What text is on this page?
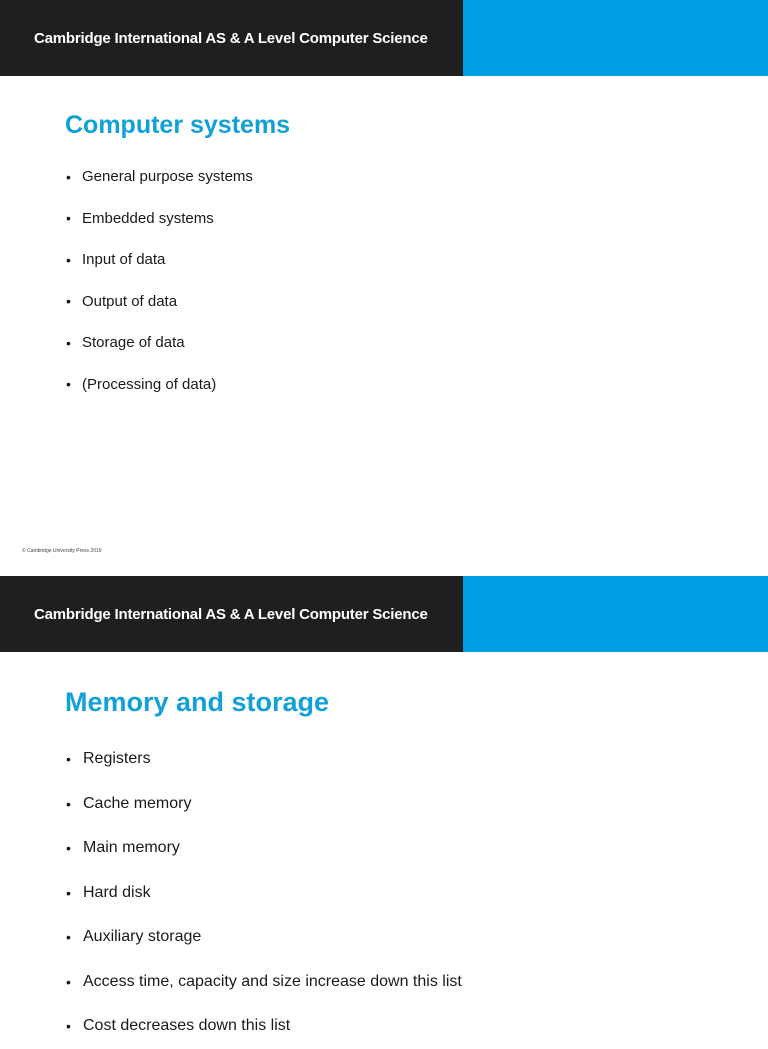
Cambridge International AS & A Level Computer Science
Computer systems
• General purpose systems
• Embedded systems
• Input of data
• Output of data
• Storage of data
• (Processing of data)
© Cambridge University Press 2019
Cambridge International AS & A Level Computer Science
Memory and storage
• Registers
• Cache memory
• Main memory
• Hard disk
• Auxiliary storage
• Access time, capacity and size increase down this list
• Cost decreases down this list
